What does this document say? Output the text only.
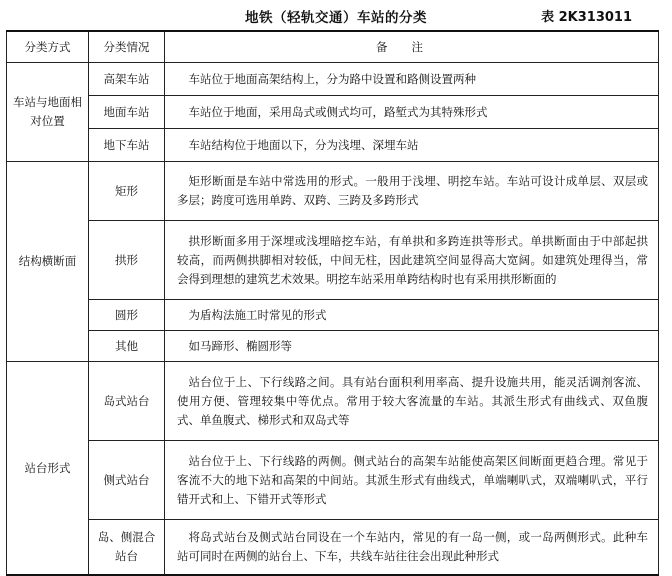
地铁（轻轨交通）车站的分类	表 2K313011
分类方式	分类情况	备注
车站与地面相对位置	高架车站	车站位于地面高架结构上，分为路中设置和路侧设置两种
	地面车站	车站位于地面，采用岛式或侧式均可，路堑式为其特殊形式
	地下车站	车站结构位于地面以下，分为浅埋、深埋车站
结构横断面	矩形	矩形断面是车站中常选用的形式。一般用于浅埋、明挖车站。车站可设计成单层、双层或多层；跨度可选用单跨、双跨、三跨及多跨形式
	拱形	拱形断面多用于深埋或浅埋暗挖车站，有单拱和多跨连拱等形式。单拱断面由于中部起拱较高，而两侧拱脚相对较低，中间无柱，因此建筑空间显得高大宽阔。如建筑处理得当，常会得到理想的建筑艺术效果。明挖车站采用单跨结构时也有采用拱形断面的
	圆形	为盾构法施工时常见的形式
	其他	如马蹄形、椭圆形等
站台形式	岛式站台	站台位于上、下行线路之间。具有站台面积利用率高、提升设施共用，能灵活调剂客流、使用方便、管理较集中等优点。常用于较大客流量的车站。其派生形式有曲线式、双鱼腹式、单鱼腹式、梯形式和双岛式等
	侧式站台	站台位于上、下行线路的两侧。侧式站台的高架车站能使高架区间断面更趋合理。常见于客流不大的地下站和高架的中间站。其派生形式有曲线式，单端喇叭式，双端喇叭式，平行错开式和上、下错开式等形式
	岛、侧混合站台	将岛式站台及侧式站台同设在一个车站内，常见的有一岛一侧，或一岛两侧形式。此种车站可同时在两侧的站台上、下车，共线车站往往会出现此种形式
